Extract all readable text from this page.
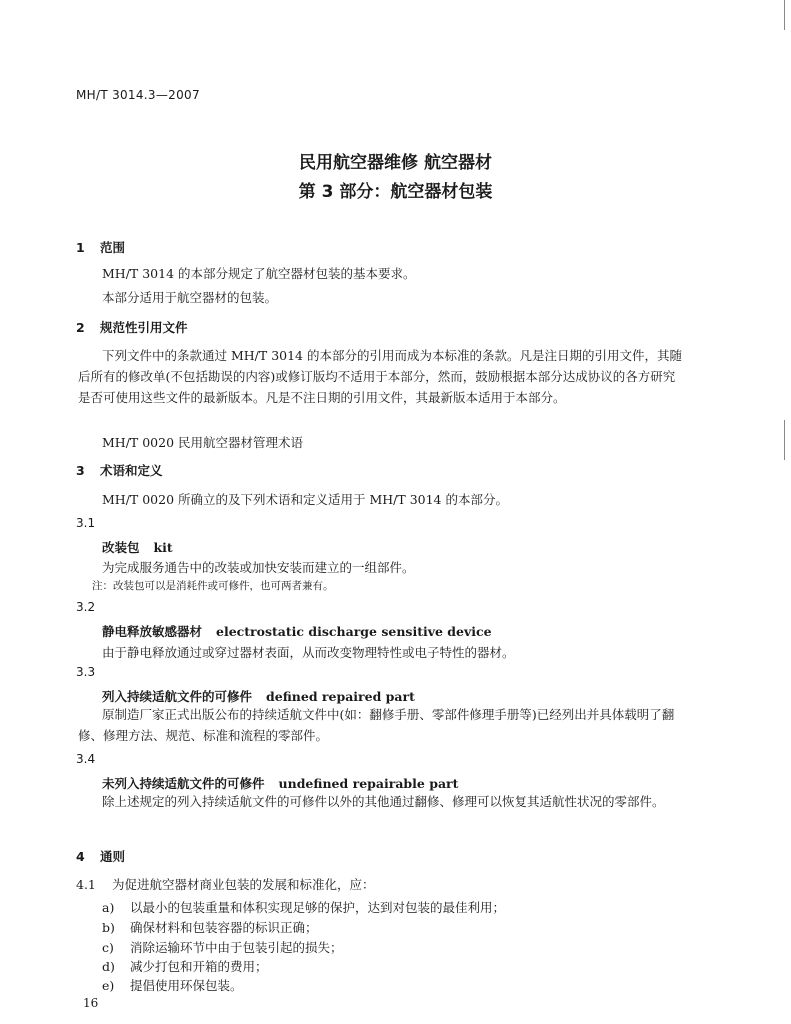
MH/T 3014.3—2007
民用航空器维修 航空器材
第 3 部分：航空器材包装
1 范围
MH/T 3014 的本部分规定了航空器材包装的基本要求。
本部分适用于航空器材的包装。
2 规范性引用文件
下列文件中的条款通过 MH/T 3014 的本部分的引用而成为本标准的条款。凡是注日期的引用文件，其随后所有的修改单(不包括勘误的内容)或修订版均不适用于本部分，然而，鼓励根据本部分达成协议的各方研究是否可使用这些文件的最新版本。凡是不注日期的引用文件，其最新版本适用于本部分。
MH/T 0020 民用航空器材管理术语
3 术语和定义
MH/T 0020 所确立的及下列术语和定义适用于 MH/T 3014 的本部分。
3.1
改装包 kit
为完成服务通告中的改装或加快安装而建立的一组部件。
注：改装包可以是消耗件或可修件，也可两者兼有。
3.2
静电释放敏感器材 electrostatic discharge sensitive device
由于静电释放通过或穿过器材表面，从而改变物理特性或电子特性的器材。
3.3
列入持续适航文件的可修件 defined repaired part
原制造厂家正式出版公布的持续适航文件中(如：翻修手册、零部件修理手册等)已经列出并具体载明了翻修、修理方法、规范、标准和流程的零部件。
3.4
未列入持续适航文件的可修件 undefined repairable part
除上述规定的列入持续适航文件的可修件以外的其他通过翻修、修理可以恢复其适航性状况的零部件。
4 通则
4.1 为促进航空器材商业包装的发展和标准化，应：
a) 以最小的包装重量和体积实现足够的保护，达到对包装的最佳利用；
b) 确保材料和包装容器的标识正确；
c) 消除运输环节中由于包装引起的损失；
d) 减少打包和开箱的费用；
e) 提倡使用环保包装。
16
